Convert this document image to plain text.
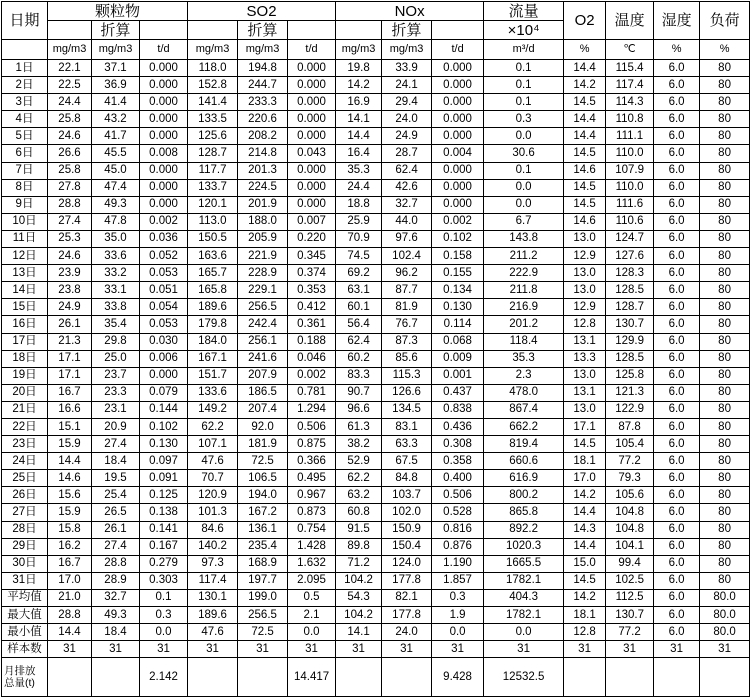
日期	颗粒物			SO2			NOx			流量	O2	温度	湿度	负荷
		折算			折算			折算		×10⁴				
	mg/m3	mg/m3	t/d	mg/m3	mg/m3	t/d	mg/m3	mg/m3	t/d	m³/d	%	℃	%	%
1日	22.1	37.1	0.000	118.0	194.8	0.000	19.8	33.9	0.000	0.1	14.4	115.4	6.0	80
2日	22.5	36.9	0.000	152.8	244.7	0.000	14.2	24.1	0.000	0.1	14.2	117.4	6.0	80
3日	24.4	41.4	0.000	141.4	233.3	0.000	16.9	29.4	0.000	0.1	14.5	114.3	6.0	80
4日	25.8	43.2	0.000	133.5	220.6	0.000	14.1	24.0	0.000	0.3	14.4	110.8	6.0	80
5日	24.6	41.7	0.000	125.6	208.2	0.000	14.4	24.9	0.000	0.0	14.4	111.1	6.0	80
6日	26.6	45.5	0.008	128.7	214.8	0.043	16.4	28.7	0.004	30.6	14.5	110.0	6.0	80
7日	25.8	45.0	0.000	117.7	201.3	0.000	35.3	62.4	0.000	0.1	14.6	107.9	6.0	80
8日	27.8	47.4	0.000	133.7	224.5	0.000	24.4	42.6	0.000	0.0	14.5	110.0	6.0	80
9日	28.8	49.3	0.000	120.1	201.9	0.000	18.8	32.7	0.000	0.0	14.5	111.6	6.0	80
10日	27.4	47.8	0.002	113.0	188.0	0.007	25.9	44.0	0.002	6.7	14.6	110.6	6.0	80
11日	25.3	35.0	0.036	150.5	205.9	0.220	70.9	97.6	0.102	143.8	13.0	124.7	6.0	80
12日	24.6	33.6	0.052	163.6	221.9	0.345	74.5	102.4	0.158	211.2	12.9	127.6	6.0	80
13日	23.9	33.2	0.053	165.7	228.9	0.374	69.2	96.2	0.155	222.9	13.0	128.3	6.0	80
14日	23.8	33.1	0.051	165.8	229.1	0.353	63.1	87.7	0.134	211.8	13.0	128.5	6.0	80
15日	24.9	33.8	0.054	189.6	256.5	0.412	60.1	81.9	0.130	216.9	12.9	128.7	6.0	80
16日	26.1	35.4	0.053	179.8	242.4	0.361	56.4	76.7	0.114	201.2	12.8	130.7	6.0	80
17日	21.3	29.8	0.030	184.0	256.1	0.188	62.4	87.3	0.068	118.4	13.1	129.9	6.0	80
18日	17.1	25.0	0.006	167.1	241.6	0.046	60.2	85.6	0.009	35.3	13.3	128.5	6.0	80
19日	17.1	23.7	0.000	151.7	207.9	0.002	83.3	115.3	0.001	2.3	13.0	125.8	6.0	80
20日	16.7	23.3	0.079	133.6	186.5	0.781	90.7	126.6	0.437	478.0	13.1	121.3	6.0	80
21日	16.6	23.1	0.144	149.2	207.4	1.294	96.6	134.5	0.838	867.4	13.0	122.9	6.0	80
22日	15.1	20.9	0.102	62.2	92.0	0.506	61.3	83.1	0.436	662.2	17.1	87.8	6.0	80
23日	15.9	27.4	0.130	107.1	181.9	0.875	38.2	63.3	0.308	819.4	14.5	105.4	6.0	80
24日	14.4	18.4	0.097	47.6	72.5	0.366	52.9	67.5	0.358	660.6	18.1	77.2	6.0	80
25日	14.6	19.5	0.091	70.7	106.5	0.495	62.2	84.8	0.400	616.9	17.0	79.3	6.0	80
26日	15.6	25.4	0.125	120.9	194.0	0.967	63.2	103.7	0.506	800.2	14.2	105.6	6.0	80
27日	15.9	26.5	0.138	101.3	167.2	0.873	60.8	102.0	0.528	865.8	14.4	104.8	6.0	80
28日	15.8	26.1	0.141	84.6	136.1	0.754	91.5	150.9	0.816	892.2	14.3	104.8	6.0	80
29日	16.2	27.4	0.167	140.2	235.4	1.428	89.8	150.4	0.876	1020.3	14.4	104.1	6.0	80
30日	16.7	28.8	0.279	97.3	168.9	1.632	71.2	124.0	1.190	1665.5	15.0	99.4	6.0	80
31日	17.0	28.9	0.303	117.4	197.7	2.095	104.2	177.8	1.857	1782.1	14.5	102.5	6.0	80
平均值	21.0	32.7	0.1	130.1	199.0	0.5	54.3	82.1	0.3	404.3	14.2	112.5	6.0	80.0
最大值	28.8	49.3	0.3	189.6	256.5	2.1	104.2	177.8	1.9	1782.1	18.1	130.7	6.0	80.0
最小值	14.4	18.4	0.0	47.6	72.5	0.0	14.1	24.0	0.0	0.0	12.8	77.2	6.0	80.0
样本数	31	31	31	31	31	31	31	31	31	31	31	31	31	31
月排放
总量(t)			2.142			14.417			9.428	12532.5				
